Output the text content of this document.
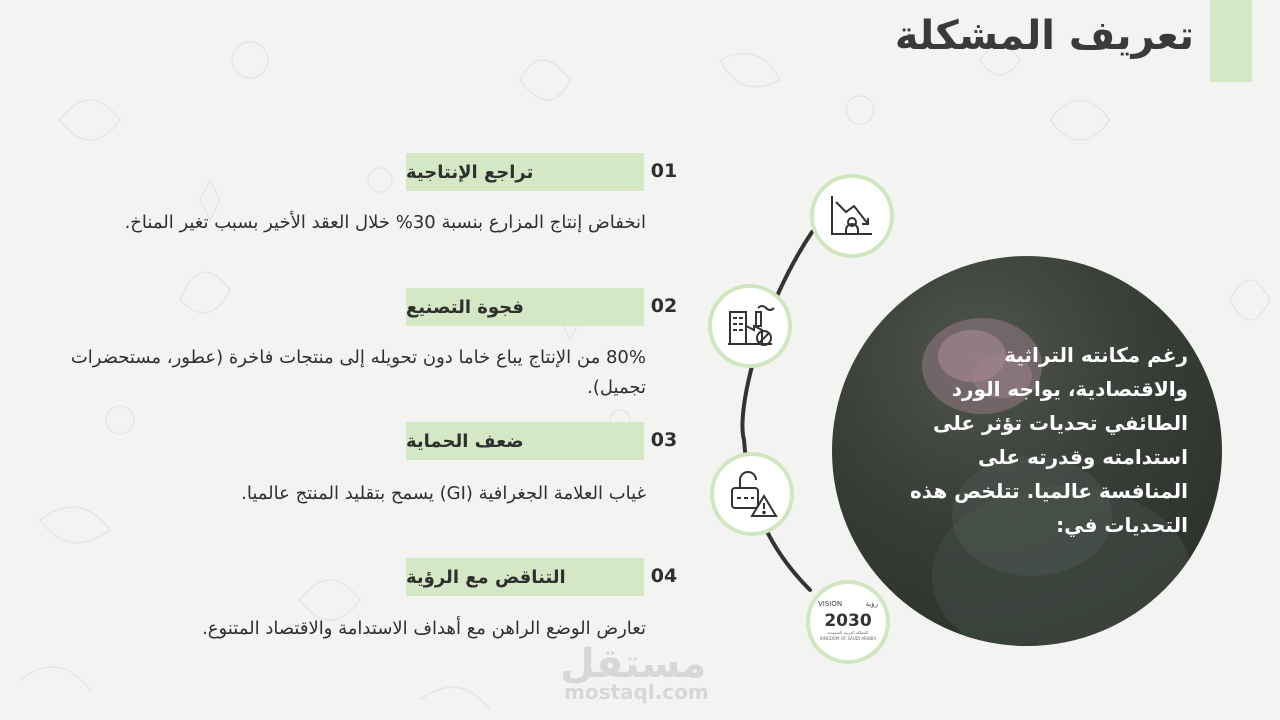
تعريف المشكلة
تراجع الإنتاجية	01
انخفاض إنتاج المزارع بنسبة 30% خلال العقد الأخير بسبب تغير المناخ.
فجوة التصنيع	02
80% من الإنتاج يباع خاما دون تحويله إلى منتجات فاخرة (عطور، مستحضرات تجميل).
ضعف الحماية	03
غياب العلامة الجغرافية (GI) يسمح بتقليد المنتج عالميا.
التناقض مع الرؤية	04
تعارض الوضع الراهن مع أهداف الاستدامة والاقتصاد المتنوع.
رغم مكانته التراثية والاقتصادية، يواجه الورد الطائفي تحديات تؤثر على استدامته وقدرته على المنافسة عالميا. تتلخص هذه التحديات في:
VISION	رؤية
2030
المملكة العربية السعودية
KINGDOM OF SAUDI ARABIA
مستقل
mostaql.com
